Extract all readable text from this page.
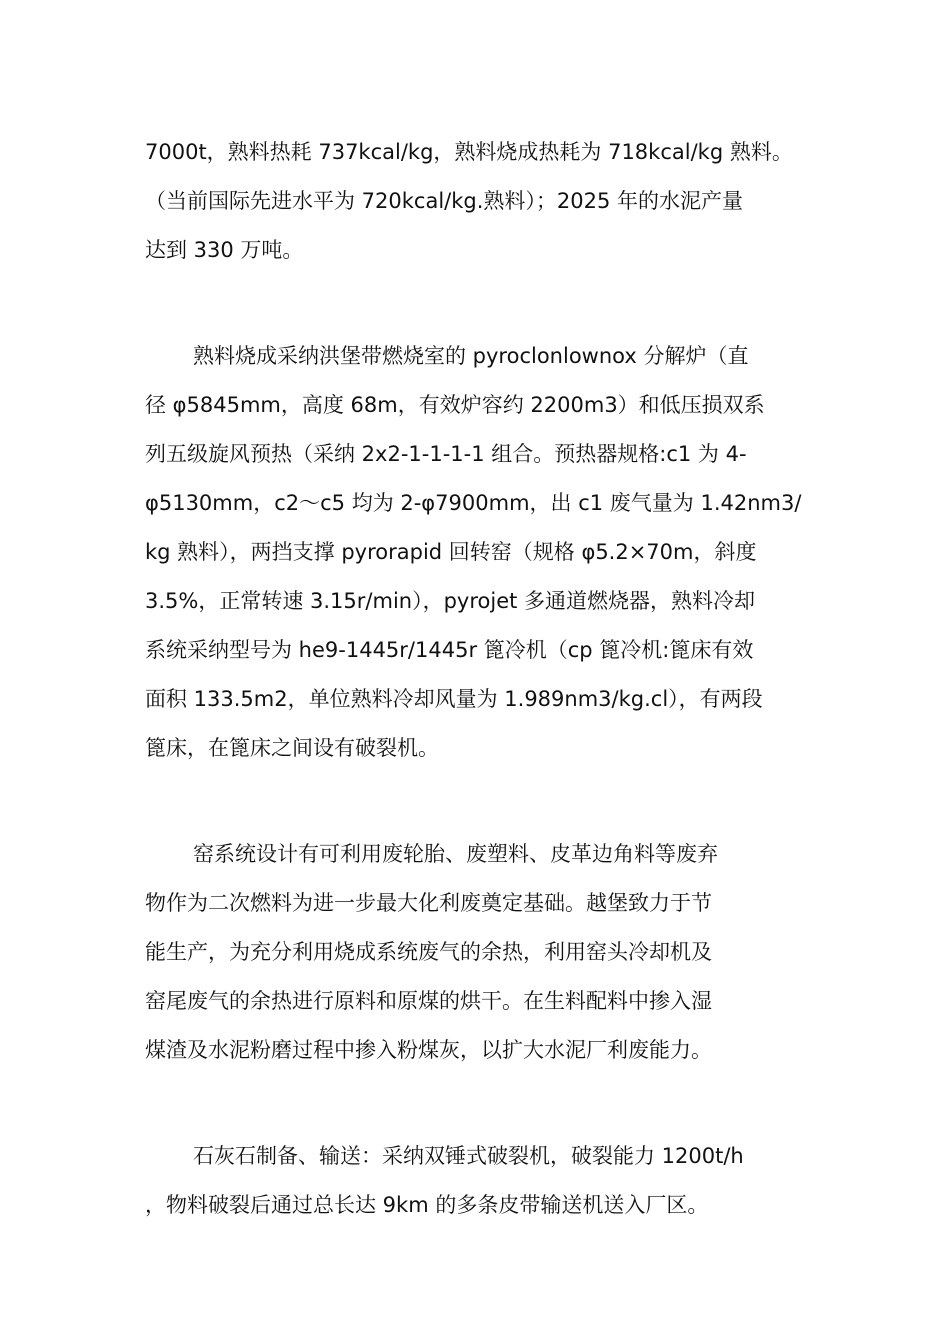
7000t，熟料热耗 737kcal/kg，熟料烧成热耗为 718kcal/kg 熟料。
（当前国际先进水平为 720kcal/kg.熟料）；2025 年的水泥产量
达到 330 万吨。
熟料烧成采纳洪堡带燃烧室的 pyroclonlownox 分解炉（直
径 φ5845mm，高度 68m，有效炉容约 2200m3）和低压损双系
列五级旋风预热（采纳 2x2-1-1-1-1 组合。预热器规格:c1 为 4-
φ5130mm，c2～c5 均为 2-φ7900mm，出 c1 废气量为 1.42nm3/
kg 熟料），两挡支撑 pyrorapid 回转窑（规格 φ5.2×70m，斜度
3.5%，正常转速 3.15r/min），pyrojet 多通道燃烧器，熟料冷却
系统采纳型号为 he9-1445r/1445r 篦冷机（cp 篦冷机:篦床有效
面积 133.5m2，单位熟料冷却风量为 1.989nm3/kg.cl），有两段
篦床，在篦床之间设有破裂机。
窑系统设计有可利用废轮胎、废塑料、皮革边角料等废弃
物作为二次燃料为进一步最大化利废奠定基础。越堡致力于节
能生产，为充分利用烧成系统废气的余热，利用窑头冷却机及
窑尾废气的余热进行原料和原煤的烘干。在生料配料中掺入湿
煤渣及水泥粉磨过程中掺入粉煤灰，以扩大水泥厂利废能力。
石灰石制备、输送：采纳双锤式破裂机，破裂能力 1200t/h
，物料破裂后通过总长达 9km 的多条皮带输送机送入厂区。
